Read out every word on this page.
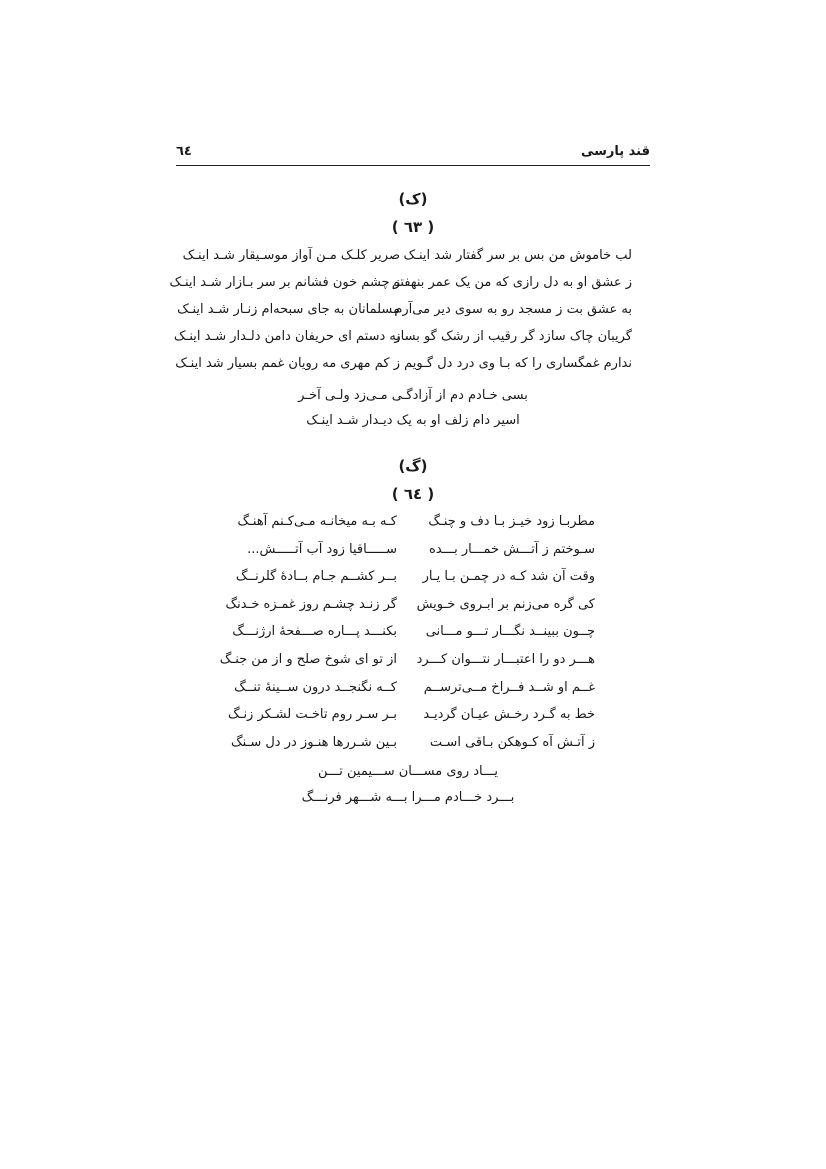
قند پارسی
٦٤
(ک)
( ٦٣ )
لب خاموش من بس بر سر گفتار شد اینـک
صریر کلـک مـن آواز موسـیقار شـد اینـک
ز عشق او به دل رازی که من یک عمر بنهفتم
ز چشم خون فشانم بر سر بـازار شـد اینـک
به عشق بت ز مسجد رو به سوی دیر می‌آرم
مسلمانان به جای سبحه‌ام زنـار شـد اینـک
گریبان چاک سازد گر رقیب از رشک گو بساز
به دستم ای حریفان دامن دلـدار شـد اینـک
ندارم غمگساری را که بـا وی درد دل گـویم
ز کم مهری مه رویان غمم بسیار شد اینـک
بسی خـادم دم از آزادگـی مـی‌زد ولـی آخـر
اسیر دام زلف او به یک دیـدار شـد اینـک
(گ)
( ٦٤ )
مطربـا زود خیـز بـا دف و چنـگ
کـه بـه میخانـه مـی‌کـنم آهنـگ
سـوختم ز آتـــش خمـــار بـــده
ســـــاقیا زود آب آتـــــش...
وقت آن شد کـه در چمـن بـا یـار
بــر کشــم جـام بــادهٔ گلرنــگ
کی گره می‌زنم بر ابـروی خـویش
گر زنـد چشـم روز غمـزه خـدنگ
چــون ببینــد نگـــار تـــو مـــانی
بکنـــد پـــاره صـــفحهٔ ارژنـــگ
هـــر دو را اعتبـــار نتـــوان کـــرد
از تو ای شوخ صلح و از من جنـگ
غــم او شــد فــراخ مــی‌ترســم
کــه نگنجــد درون ســینهٔ تنــگ
خط به گـرد رخـش عیـان گردیـد
بـر سـر روم تاخـت لشـکر زنـگ
ز آتـش آه کـوهکن بـاقی اسـت
بـین شـررها هنـوز در دل سـنگ
یـــاد روی مســـان ســـیمین تـــن
بـــرد خـــادم مـــرا بـــه شـــهر فرنـــگ
